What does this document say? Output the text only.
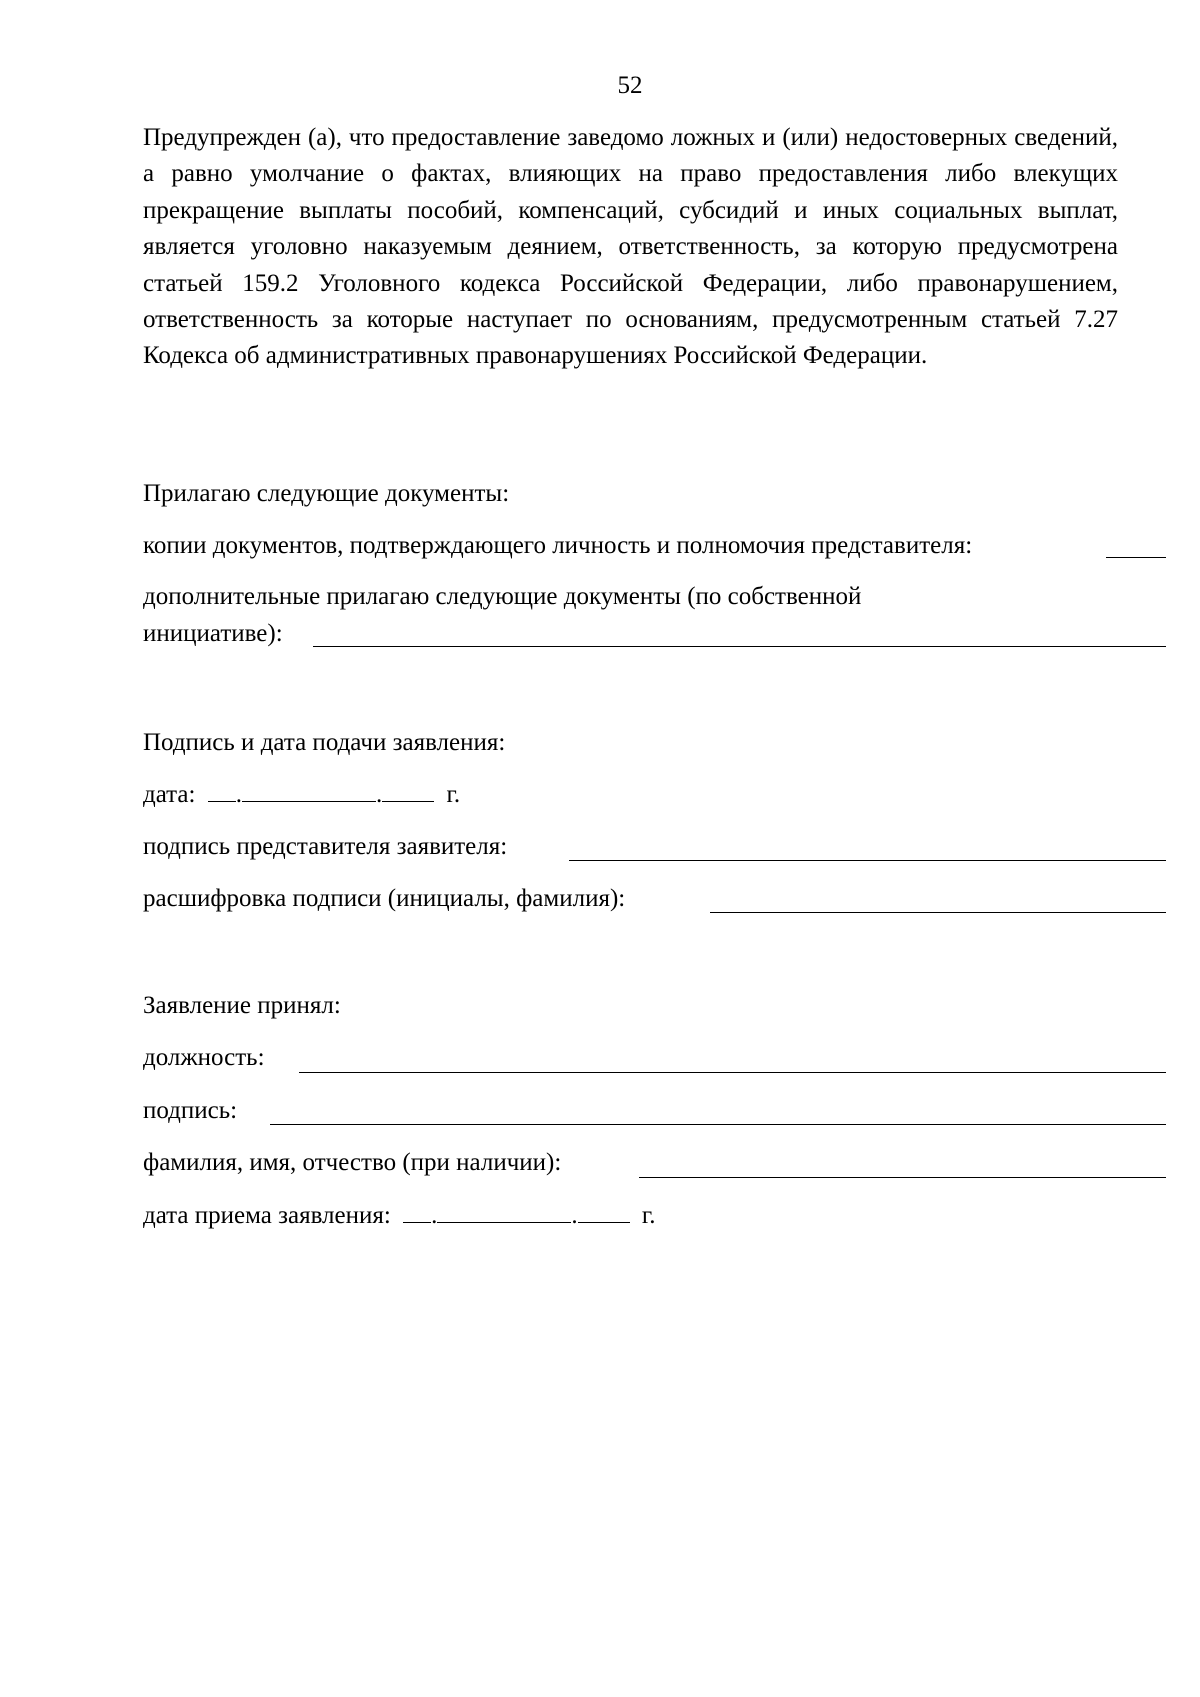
52

Предупрежден (а), что предоставление заведомо ложных и (или) недостоверных сведений, а равно умолчание о фактах, влияющих на право предоставления либо влекущих прекращение выплаты пособий, компенсаций, субсидий и иных социальных выплат, является уголовно наказуемым деянием, ответственность, за которую предусмотрена статьей 159.2 Уголовного кодекса Российской Федерации, либо правонарушением, ответственность за которые наступает по основаниям, предусмотренным статьей 7.27 Кодекса об административных правонарушениях Российской Федерации.

Прилагаю следующие документы:
копии документов, подтверждающего личность и полномочия представителя:
дополнительные прилагаю следующие документы (по собственной
инициативе):
Подпись и дата подачи заявления:
дата: .	.	г.
подпись представителя заявителя:
расшифровка подписи (инициалы, фамилия):
Заявление принял:
должность:
подпись:
фамилия, имя, отчество (при наличии):
дата приема заявления: .	.	г.
